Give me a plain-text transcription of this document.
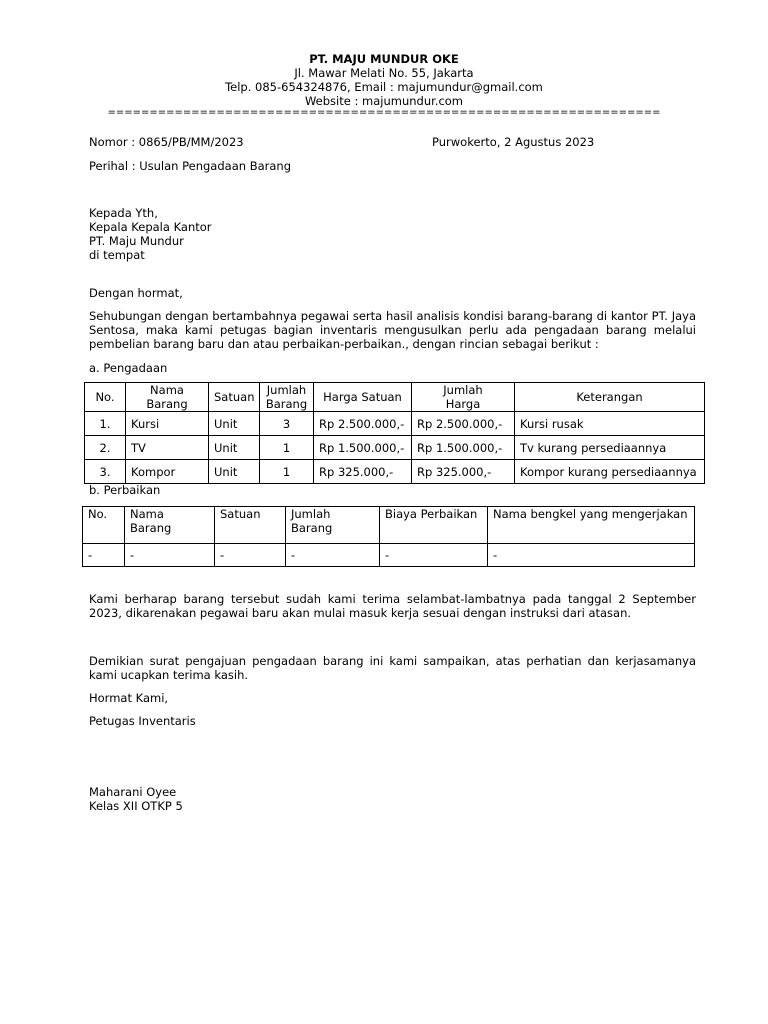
PT. MAJU MUNDUR OKE
Jl. Mawar Melati No. 55, Jakarta
Telp. 085-654324876, Email : majumundur@gmail.com
Website : majumundur.com
==================================================================
Nomor : 0865/PB/MM/2023	Purwokerto, 2 Agustus 2023
Perihal : Usulan Pengadaan Barang
Kepada Yth,
Kepala Kepala Kantor
PT. Maju Mundur
di tempat
Dengan hormat,
Sehubungan dengan bertambahnya pegawai serta hasil analisis kondisi barang-barang di kantor PT. Jaya Sentosa, maka kami petugas bagian inventaris mengusulkan perlu ada pengadaan barang melalui pembelian barang baru dan atau perbaikan-perbaikan., dengan rincian sebagai berikut :
a. Pengadaan
No.	Nama Barang	Satuan	Jumlah Barang	Harga Satuan	Jumlah Harga	Keterangan
1.	Kursi	Unit	3	Rp 2.500.000,-	Rp 2.500.000,-	Kursi rusak
2.	TV	Unit	1	Rp 1.500.000,-	Rp 1.500.000,-	Tv kurang persediaannya
3.	Kompor	Unit	1	Rp 325.000,-	Rp 325.000,-	Kompor kurang persediaannya
b. Perbaikan
No.	Nama Barang	Satuan	Jumlah Barang	Biaya Perbaikan	Nama bengkel yang mengerjakan
-	-	-	-	-	-
Kami berharap barang tersebut sudah kami terima selambat-lambatnya pada tanggal 2 September 2023, dikarenakan pegawai baru akan mulai masuk kerja sesuai dengan instruksi dari atasan.
Demikian surat pengajuan pengadaan barang ini kami sampaikan, atas perhatian dan kerjasamanya kami ucapkan terima kasih.
Hormat Kami,
Petugas Inventaris
Maharani Oyee
Kelas XII OTKP 5
